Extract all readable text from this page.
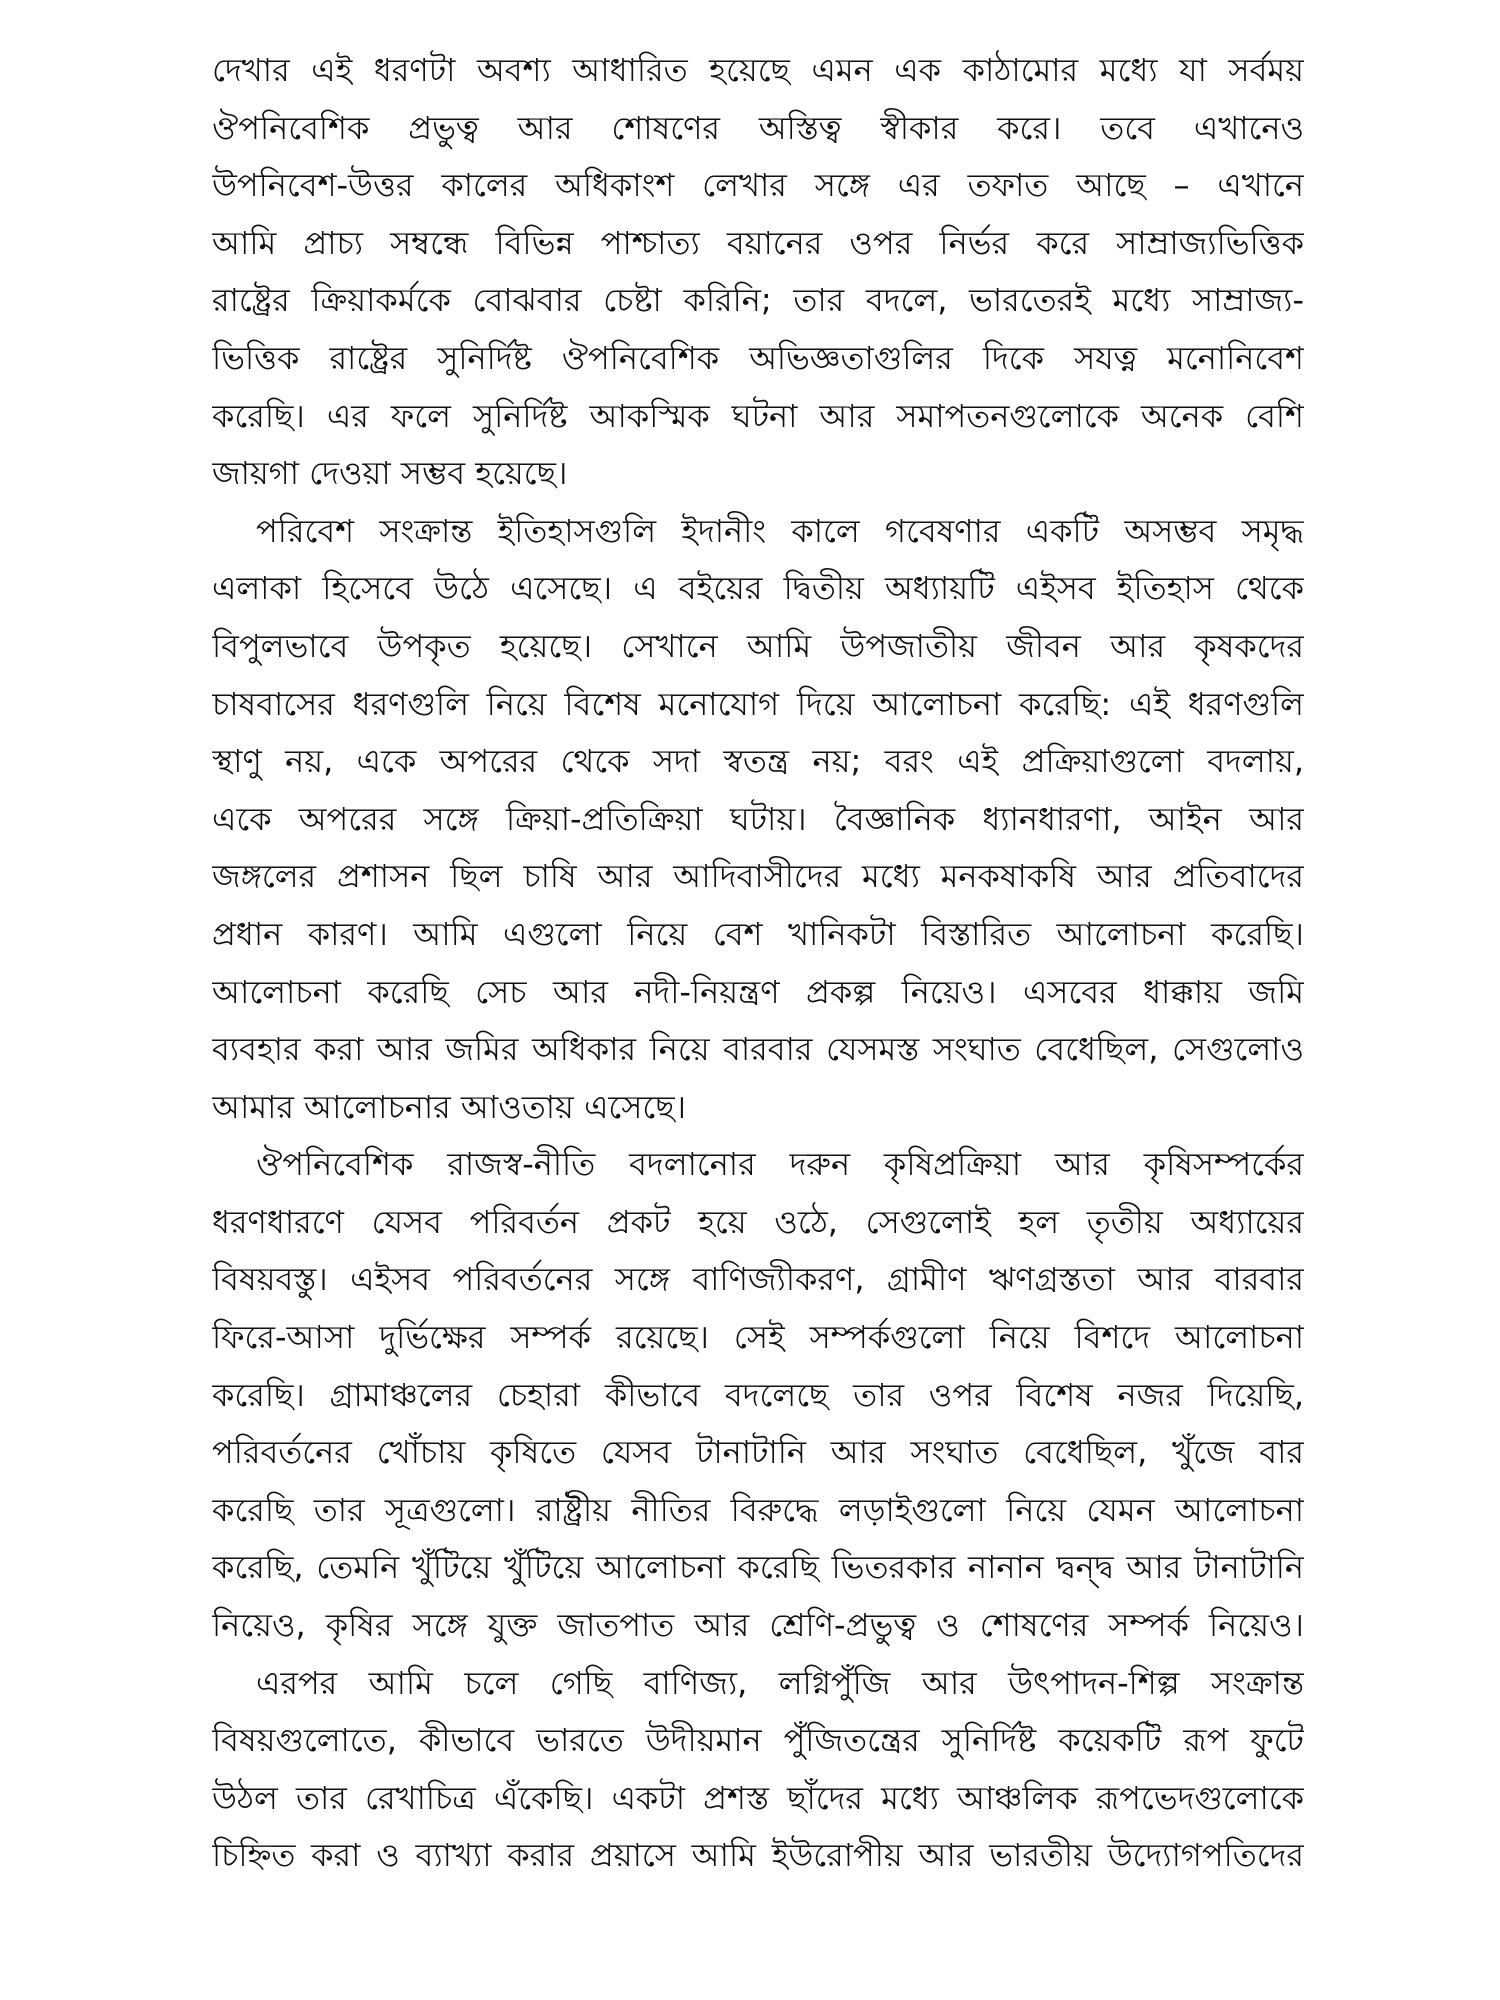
দেখার এই ধরণটা অবশ্য আধারিত হয়েছে এমন এক কাঠামোর মধ্যে যা সর্বময়
ঔপনিবেশিক প্রভুত্ব আর শোষণের অস্তিত্ব স্বীকার করে। তবে এখানেও
উপনিবেশ-উত্তর কালের অধিকাংশ লেখার সঙ্গে এর তফাত আছে – এখানে
আমি প্রাচ্য সম্বন্ধে বিভিন্ন পাশ্চাত্য বয়ানের ওপর নির্ভর করে সাম্রাজ্যভিত্তিক
রাষ্ট্রের ক্রিয়াকর্মকে বোঝবার চেষ্টা করিনি; তার বদলে, ভারতেরই মধ্যে সাম্রাজ্য-
ভিত্তিক রাষ্ট্রের সুনির্দিষ্ট ঔপনিবেশিক অভিজ্ঞতাগুলির দিকে সযত্ন মনোনিবেশ
করেছি। এর ফলে সুনির্দিষ্ট আকস্মিক ঘটনা আর সমাপতনগুলোকে অনেক বেশি
জায়গা দেওয়া সম্ভব হয়েছে।
পরিবেশ সংক্রান্ত ইতিহাসগুলি ইদানীং কালে গবেষণার একটি অসম্ভব সমৃদ্ধ
এলাকা হিসেবে উঠে এসেছে। এ বইয়ের দ্বিতীয় অধ্যায়টি এইসব ইতিহাস থেকে
বিপুলভাবে উপকৃত হয়েছে। সেখানে আমি উপজাতীয় জীবন আর কৃষকদের
চাষবাসের ধরণগুলি নিয়ে বিশেষ মনোযোগ দিয়ে আলোচনা করেছি: এই ধরণগুলি
স্থাণু নয়, একে অপরের থেকে সদা স্বতন্ত্র নয়; বরং এই প্রক্রিয়াগুলো বদলায়,
একে অপরের সঙ্গে ক্রিয়া-প্রতিক্রিয়া ঘটায়। বৈজ্ঞানিক ধ্যানধারণা, আইন আর
জঙ্গলের প্রশাসন ছিল চাষি আর আদিবাসীদের মধ্যে মনকষাকষি আর প্রতিবাদের
প্রধান কারণ। আমি এগুলো নিয়ে বেশ খানিকটা বিস্তারিত আলোচনা করেছি।
আলোচনা করেছি সেচ আর নদী-নিয়ন্ত্রণ প্রকল্প নিয়েও। এসবের ধাক্কায় জমি
ব্যবহার করা আর জমির অধিকার নিয়ে বারবার যেসমস্ত সংঘাত বেধেছিল, সেগুলোও
আমার আলোচনার আওতায় এসেছে।
ঔপনিবেশিক রাজস্ব-নীতি বদলানোর দরুন কৃষিপ্রক্রিয়া আর কৃষিসম্পর্কের
ধরণধারণে যেসব পরিবর্তন প্রকট হয়ে ওঠে, সেগুলোই হল তৃতীয় অধ্যায়ের
বিষয়বস্তু। এইসব পরিবর্তনের সঙ্গে বাণিজ্যীকরণ, গ্রামীণ ঋণগ্রস্ততা আর বারবার
ফিরে-আসা দুর্ভিক্ষের সম্পর্ক রয়েছে। সেই সম্পর্কগুলো নিয়ে বিশদে আলোচনা
করেছি। গ্রামাঞ্চলের চেহারা কীভাবে বদলেছে তার ওপর বিশেষ নজর দিয়েছি,
পরিবর্তনের খোঁচায় কৃষিতে যেসব টানাটানি আর সংঘাত বেধেছিল, খুঁজে বার
করেছি তার সূত্রগুলো। রাষ্ট্রীয় নীতির বিরুদ্ধে লড়াইগুলো নিয়ে যেমন আলোচনা
করেছি, তেমনি খুঁটিয়ে খুঁটিয়ে আলোচনা করেছি ভিতরকার নানান দ্বন্দ্ব আর টানাটানি
নিয়েও, কৃষির সঙ্গে যুক্ত জাতপাত আর শ্রেণি-প্রভুত্ব ও শোষণের সম্পর্ক নিয়েও।
এরপর আমি চলে গেছি বাণিজ্য, লগ্নিপুঁজি আর উৎপাদন-শিল্প সংক্রান্ত
বিষয়গুলোতে, কীভাবে ভারতে উদীয়মান পুঁজিতন্ত্রের সুনির্দিষ্ট কয়েকটি রূপ ফুটে
উঠল তার রেখাচিত্র এঁকেছি। একটা প্রশস্ত ছাঁদের মধ্যে আঞ্চলিক রূপভেদগুলোকে
চিহ্নিত করা ও ব্যাখ্যা করার প্রয়াসে আমি ইউরোপীয় আর ভারতীয় উদ্যোগপতিদের
